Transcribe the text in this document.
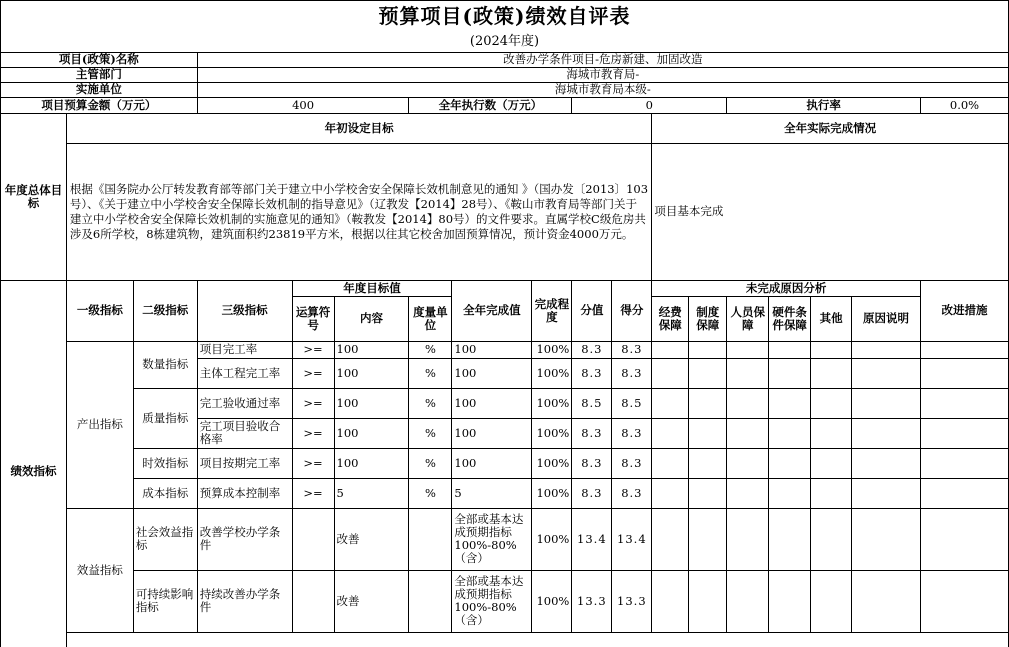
预算项目(政策)绩效自评表																	
(2024年度)																	
项目(政策)名称			改善办学条件项目-危房新建、加固改造														
主管部门			海城市教育局-														
实施单位			海城市教育局本级-														
项目预算金额（万元）			400			全年执行数（万元）			0				执行率				0.0%
年度总体目标	年初设定目标										全年实际完成情况						
	根据《国务院办公厅转发教育部等部门关于建立中小学校舍安全保障长效机制意见的通知 》（国办发〔2013〕103号）、《关于建立中小学校舍安全保障长效机制的指导意见》（辽教发【2014】28号）、《鞍山市教育局等部门关于建立中小学校舍安全保障长效机制的实施意见的通知》（鞍教发【2014】80号）的文件要求。直属学校C级危房共涉及6所学校，8栋建筑物，建筑面积约23819平方米，根据以往其它校舍加固预算情况，预计资金4000万元。										项目基本完成						
绩效指标	一级指标	二级指标	三级指标	年度目标值			全年完成值	完成程度	分值	得分	未完成原因分析						改进措施
				运算符号	内容	度量单位					经费保障	制度保障	人员保障	硬件条件保障	其他	原因说明	
	产出指标	数量指标	项目完工率	>=	100	%	100	100%	8.3	8.3							
			主体工程完工率	>=	100	%	100	100%	8.3	8.3							
		质量指标	完工验收通过率	>=	100	%	100	100%	8.5	8.5							
			完工项目验收合格率	>=	100	%	100	100%	8.3	8.3							
		时效指标	项目按期完工率	>=	100	%	100	100%	8.3	8.3							
		成本指标	预算成本控制率	>=	5	%	5	100%	8.3	8.3							
	效益指标	社会效益指标	改善学校办学条件		改善		全部或基本达成预期指标100%-80%（含）	100%	13.4	13.4							
		可持续影响指标	持续改善办学条件		改善		全部或基本达成预期指标100%-80%（含）	100%	13.3	13.3							
